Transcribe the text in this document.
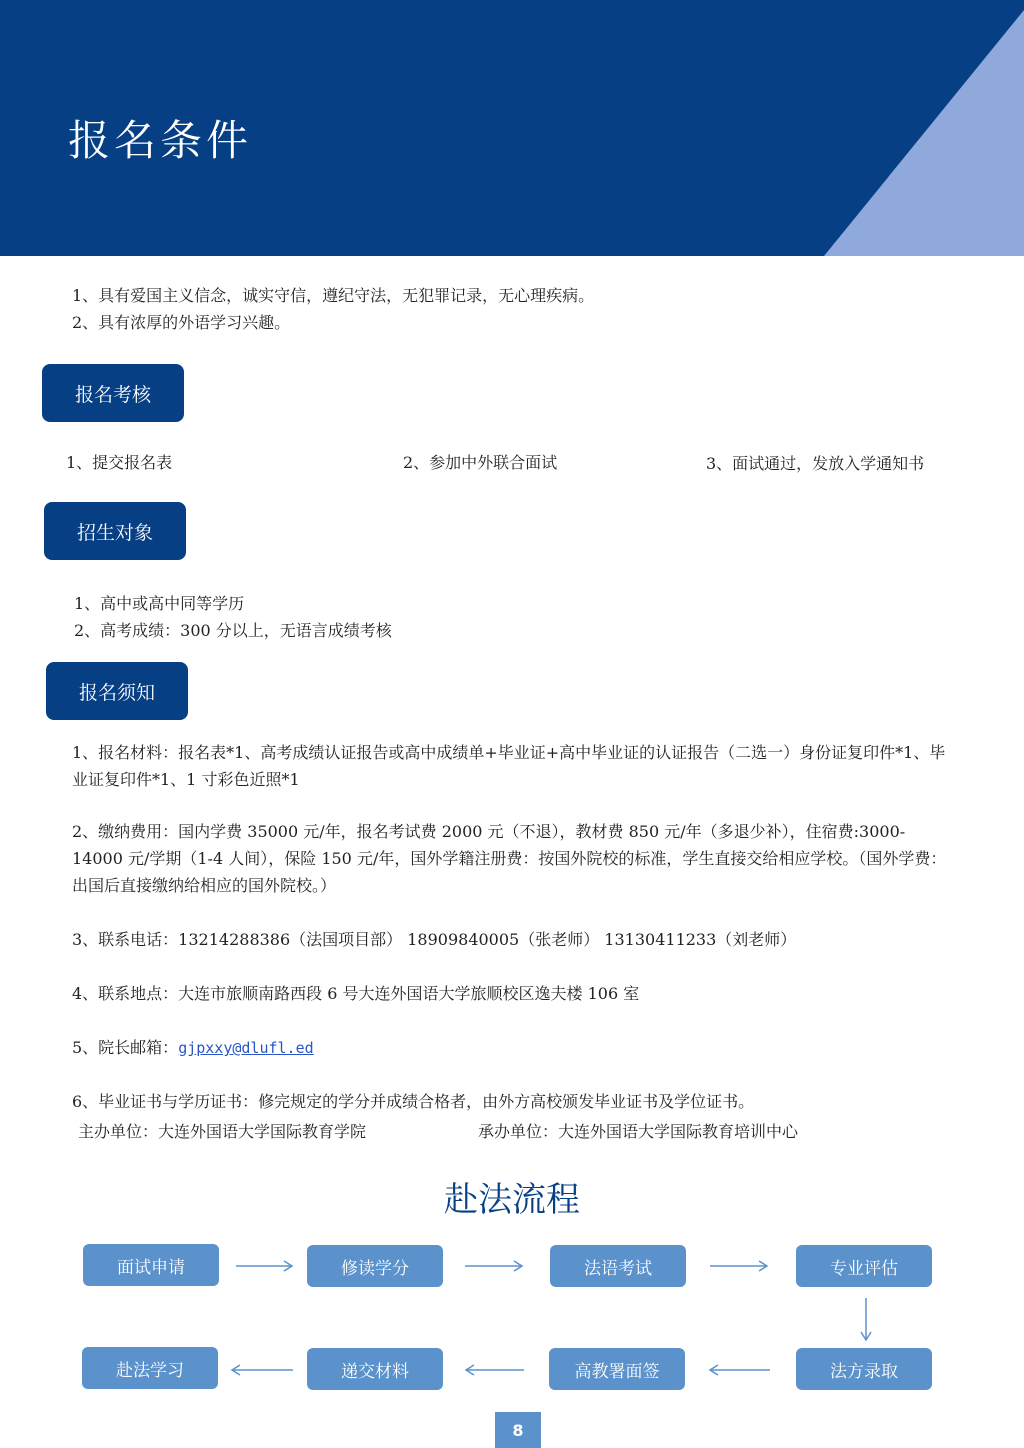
报名条件
1、具有爱国主义信念，诚实守信，遵纪守法，无犯罪记录，无心理疾病。
2、具有浓厚的外语学习兴趣。
报名考核
1、提交报名表	2、参加中外联合面试	3、面试通过，发放入学通知书
招生对象
1、高中或高中同等学历
2、高考成绩：300 分以上，无语言成绩考核
报名须知
1、报名材料：报名表*1、高考成绩认证报告或高中成绩单+毕业证+高中毕业证的认证报告（二选一）身份证复印件*1、毕业证复印件*1、1 寸彩色近照*1
2、缴纳费用：国内学费 35000 元/年，报名考试费 2000 元（不退），教材费 850 元/年（多退少补），住宿费:3000-14000 元/学期（1-4 人间），保险 150 元/年，国外学籍注册费：按国外院校的标准，学生直接交给相应学校。（国外学费：出国后直接缴纳给相应的国外院校。）
3、联系电话：13214288386（法国项目部） 18909840005（张老师） 13130411233（刘老师）
4、联系地点：大连市旅顺南路西段 6 号大连外国语大学旅顺校区逸夫楼 106 室
5、院长邮箱：gjpxxy@dlufl.ed
6、毕业证书与学历证书：修完规定的学分并成绩合格者，由外方高校颁发毕业证书及学位证书。
主办单位：大连外国语大学国际教育学院	承办单位：大连外国语大学国际教育培训中心
赴法流程
面试申请	修读学分	法语考试	专业评估
法方录取
高教署面签
递交材料
赴法学习
8
